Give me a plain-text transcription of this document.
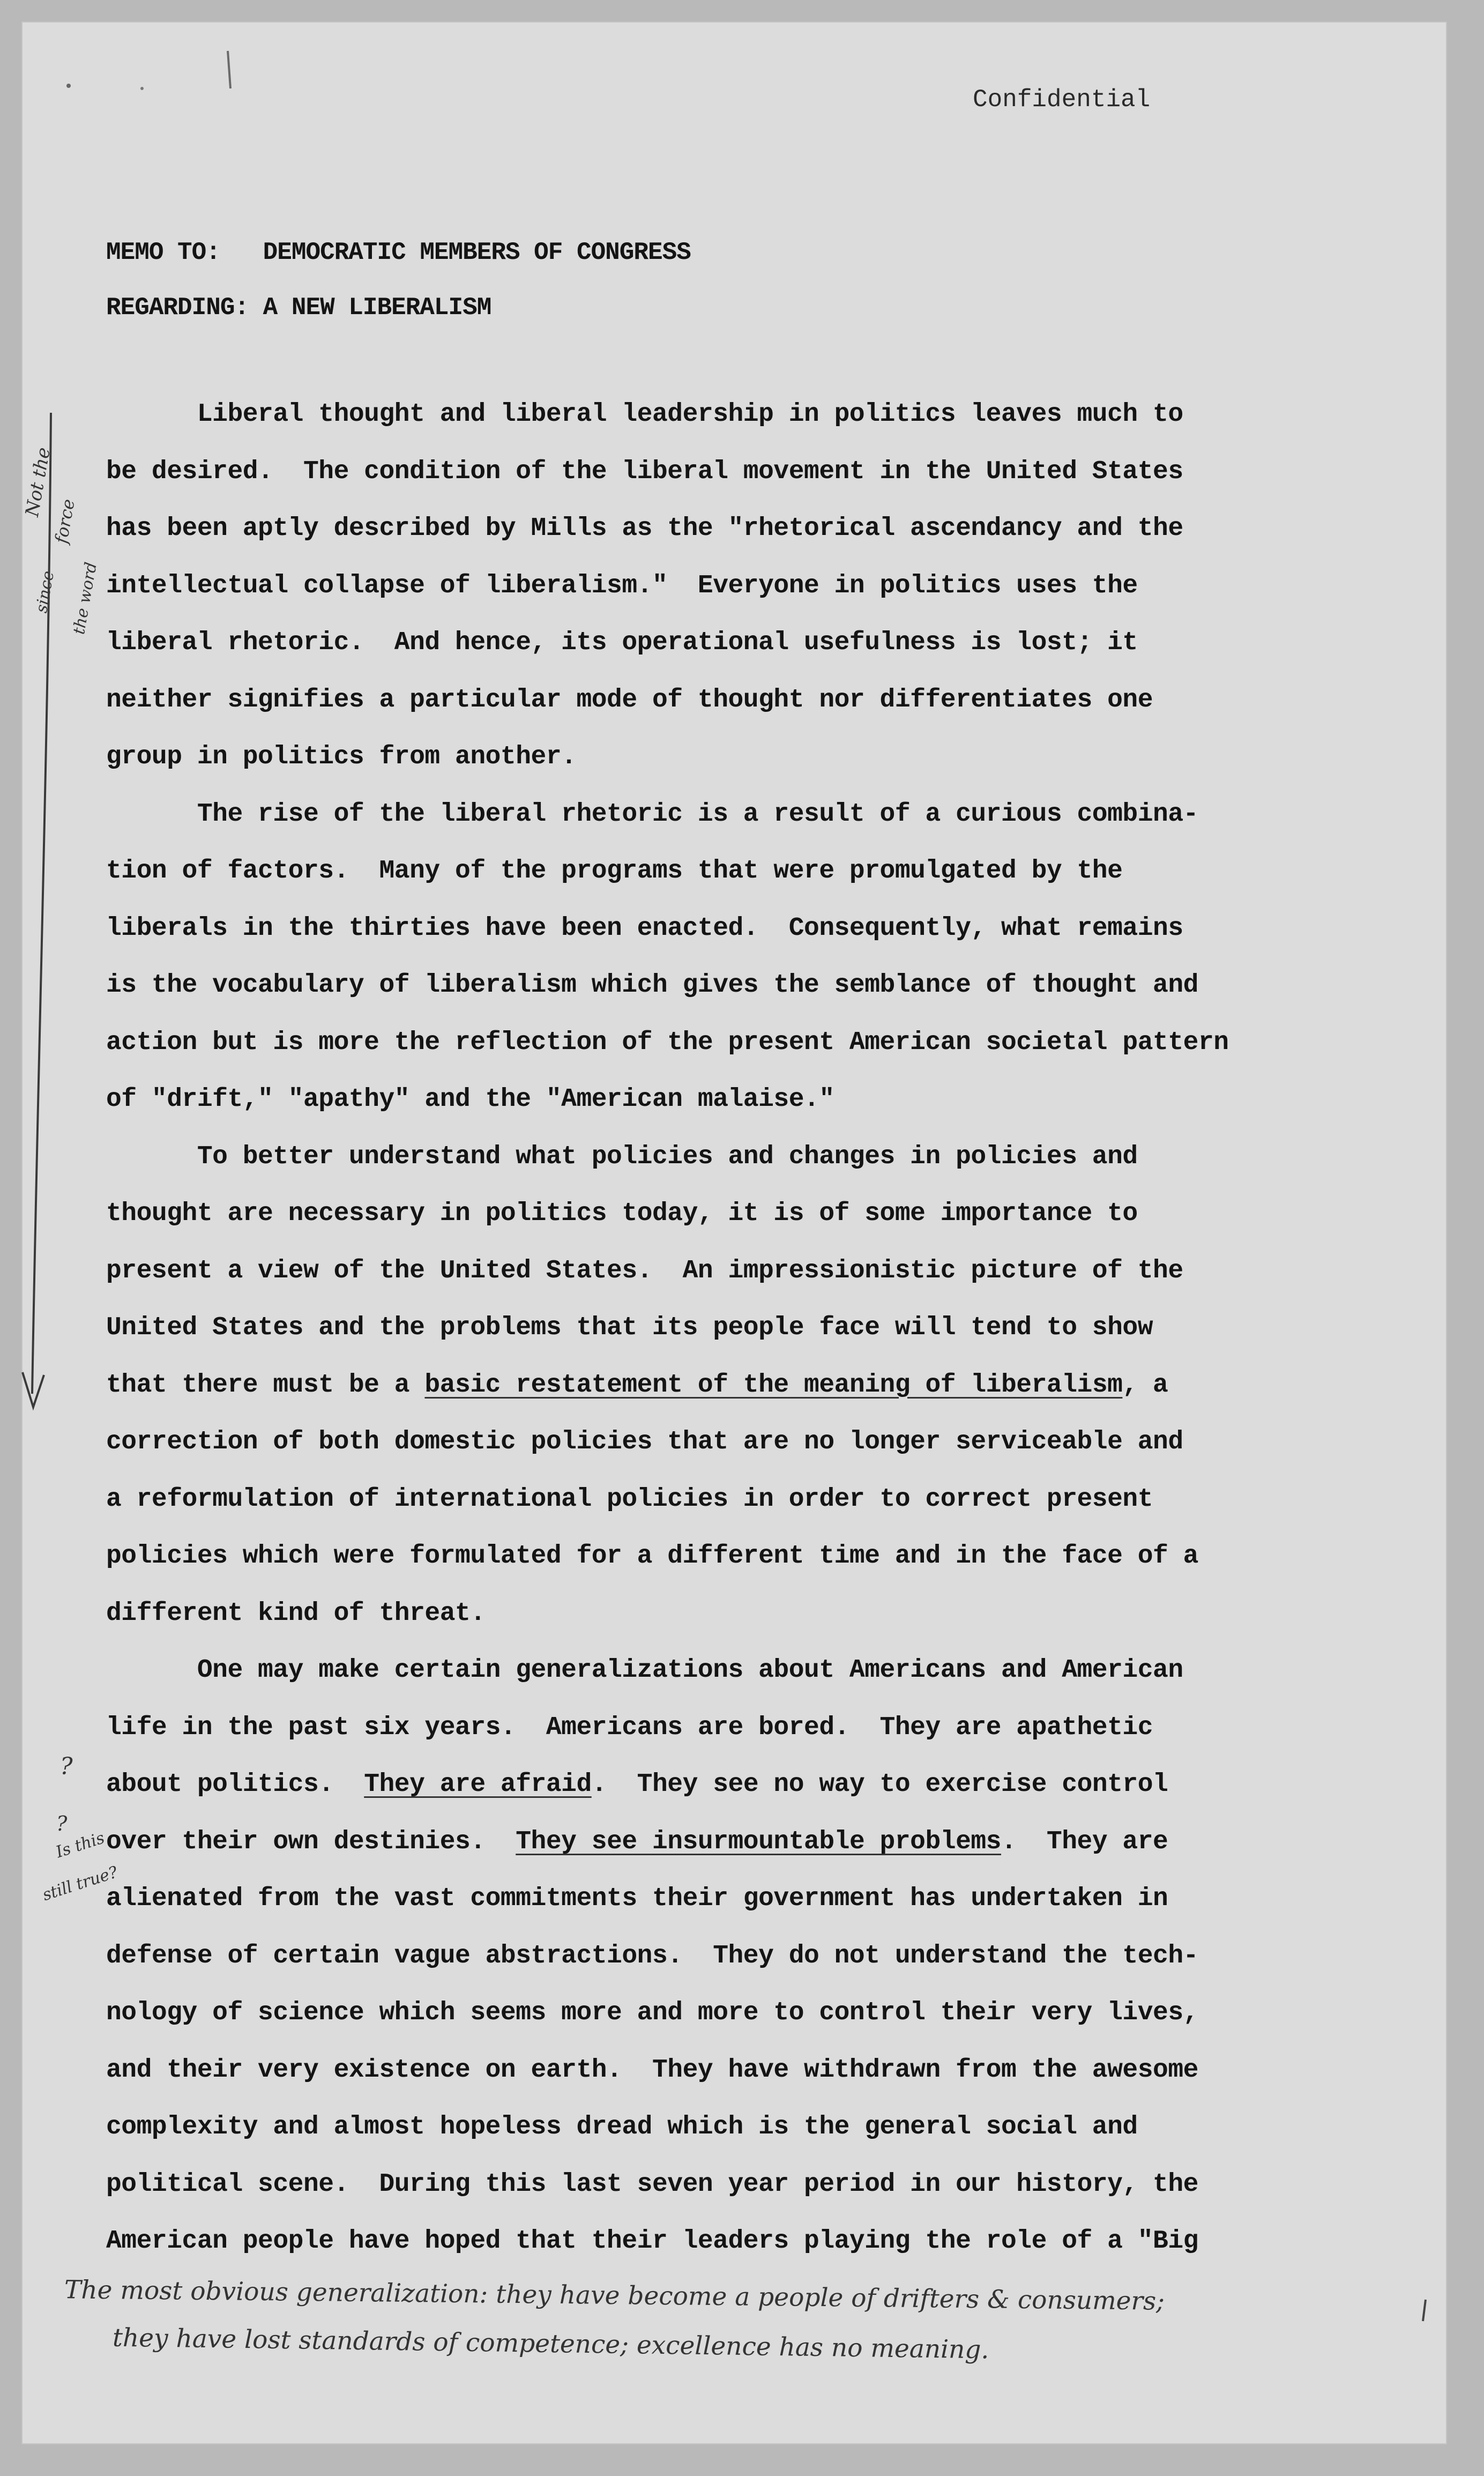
Confidential
MEMO TO: DEMOCRATIC MEMBERS OF CONGRESS
REGARDING: A NEW LIBERALISM
Liberal thought and liberal leadership in politics leaves much to
be desired.  The condition of the liberal movement in the United States
has been aptly described by Mills as the "rhetorical ascendancy and the
intellectual collapse of liberalism."  Everyone in politics uses the
liberal rhetoric.  And hence, its operational usefulness is lost; it
neither signifies a particular mode of thought nor differentiates one
group in politics from another.
The rise of the liberal rhetoric is a result of a curious combina-
tion of factors.  Many of the programs that were promulgated by the
liberals in the thirties have been enacted.  Consequently, what remains
is the vocabulary of liberalism which gives the semblance of thought and
action but is more the reflection of the present American societal pattern
of "drift," "apathy" and the "American malaise."
To better understand what policies and changes in policies and
thought are necessary in politics today, it is of some importance to
present a view of the United States.  An impressionistic picture of the
United States and the problems that its people face will tend to show
that there must be a basic restatement of the meaning of liberalism, a
correction of both domestic policies that are no longer serviceable and
a reformulation of international policies in order to correct present
policies which were formulated for a different time and in the face of a
different kind of threat.
One may make certain generalizations about Americans and American
life in the past six years.  Americans are bored.  They are apathetic
about politics.  They are afraid.  They see no way to exercise control
over their own destinies.  They see insurmountable problems.  They are
alienated from the vast commitments their government has undertaken in
defense of certain vague abstractions.  They do not understand the tech-
nology of science which seems more and more to control their very lives,
and their very existence on earth.  They have withdrawn from the awesome
complexity and almost hopeless dread which is the general social and
political scene.  During this last seven year period in our history, the
American people have hoped that their leaders playing the role of a "Big
Not the
force
since the word
?
?
Is this
still true?
The most obvious generalization: they have become a people of drifters & consumers;
they have lost standards of competence; excellence has no meaning.
